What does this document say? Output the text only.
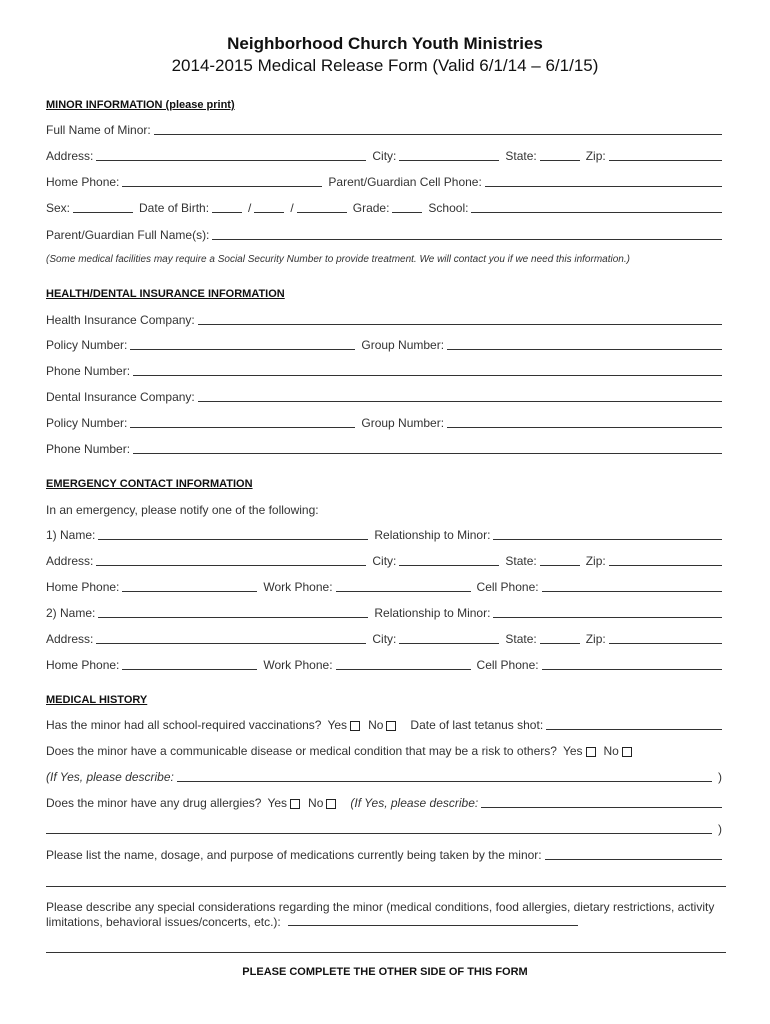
Neighborhood Church Youth Ministries
2014-2015 Medical Release Form (Valid 6/1/14 – 6/1/15)
MINOR INFORMATION (please print)
Full Name of Minor:
Address:	City:	State:	Zip:
Home Phone:	Parent/Guardian Cell Phone:
Sex:	Date of Birth:	/	/	Grade:	School:
Parent/Guardian Full Name(s):
(Some medical facilities may require a Social Security Number to provide treatment. We will contact you if we need this information.)
HEALTH/DENTAL INSURANCE INFORMATION
Health Insurance Company:
Policy Number:	Group Number:
Phone Number:
Dental Insurance Company:
Policy Number:	Group Number:
Phone Number:
EMERGENCY CONTACT INFORMATION
In an emergency, please notify one of the following:
1) Name:	Relationship to Minor:
Address:	City:	State:	Zip:
Home Phone:	Work Phone:	Cell Phone:
2) Name:	Relationship to Minor:
Address:	City:	State:	Zip:
Home Phone:	Work Phone:	Cell Phone:
MEDICAL HISTORY
Has the minor had all school-required vaccinations? Yes No Date of last tetanus shot:
Does the minor have a communicable disease or medical condition that may be a risk to others? Yes No
(If Yes, please describe:	)
Does the minor have any drug allergies? Yes No (If Yes, please describe:
)
Please list the name, dosage, and purpose of medications currently being taken by the minor:
Please describe any special considerations regarding the minor (medical conditions, food allergies, dietary restrictions, activity limitations, behavioral issues/concerts, etc.):
PLEASE COMPLETE THE OTHER SIDE OF THIS FORM
